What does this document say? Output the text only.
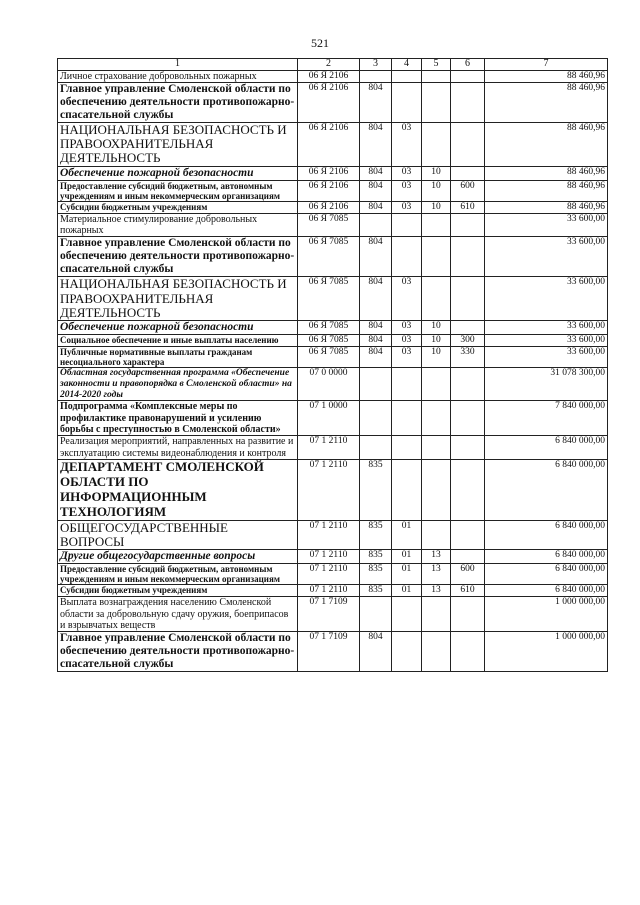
521
1	2	3	4	5	6	7
Личное страхование добровольных пожарных	06 Я 2106					88 460,96
Главное управление Смоленской области по обеспечению деятельности противопожарно-спасательной службы	06 Я 2106	804				88 460,96
НАЦИОНАЛЬНАЯ БЕЗОПАСНОСТЬ И ПРАВООХРАНИТЕЛЬНАЯ ДЕЯТЕЛЬНОСТЬ	06 Я 2106	804	03			88 460,96
Обеспечение пожарной безопасности	06 Я 2106	804	03	10		88 460,96
Предоставление субсидий бюджетным, автономным учреждениям и иным некоммерческим организациям	06 Я 2106	804	03	10	600	88 460,96
Субсидии бюджетным учреждениям	06 Я 2106	804	03	10	610	88 460,96
Материальное стимулирование добровольных пожарных	06 Я 7085					33 600,00
Главное управление Смоленской области по обеспечению деятельности противопожарно-спасательной службы	06 Я 7085	804				33 600,00
НАЦИОНАЛЬНАЯ БЕЗОПАСНОСТЬ И ПРАВООХРАНИТЕЛЬНАЯ ДЕЯТЕЛЬНОСТЬ	06 Я 7085	804	03			33 600,00
Обеспечение пожарной безопасности	06 Я 7085	804	03	10		33 600,00
Социальное обеспечение и иные выплаты населению	06 Я 7085	804	03	10	300	33 600,00
Публичные нормативные выплаты гражданам несоциального характера	06 Я 7085	804	03	10	330	33 600,00
Областная государственная программа «Обеспечение законности и правопорядка в Смоленской области» на 2014-2020 годы	07 0 0000					31 078 300,00
Подпрограмма «Комплексные меры по профилактике правонарушений и усилению борьбы с преступностью в Смоленской области»	07 1 0000					7 840 000,00
Реализация мероприятий, направленных на развитие и эксплуатацию системы видеонаблюдения и контроля	07 1 2110					6 840 000,00
ДЕПАРТАМЕНТ СМОЛЕНСКОЙ ОБЛАСТИ ПО ИНФОРМАЦИОННЫМ ТЕХНОЛОГИЯМ	07 1 2110	835				6 840 000,00
ОБЩЕГОСУДАРСТВЕННЫЕ ВОПРОСЫ	07 1 2110	835	01			6 840 000,00
Другие общегосударственные вопросы	07 1 2110	835	01	13		6 840 000,00
Предоставление субсидий бюджетным, автономным учреждениям и иным некоммерческим организациям	07 1 2110	835	01	13	600	6 840 000,00
Субсидии бюджетным учреждениям	07 1 2110	835	01	13	610	6 840 000,00
Выплата вознаграждения населению Смоленской области за добровольную сдачу оружия, боеприпасов и взрывчатых веществ	07 1 7109					1 000 000,00
Главное управление Смоленской области по обеспечению деятельности противопожарно-спасательной службы	07 1 7109	804				1 000 000,00
